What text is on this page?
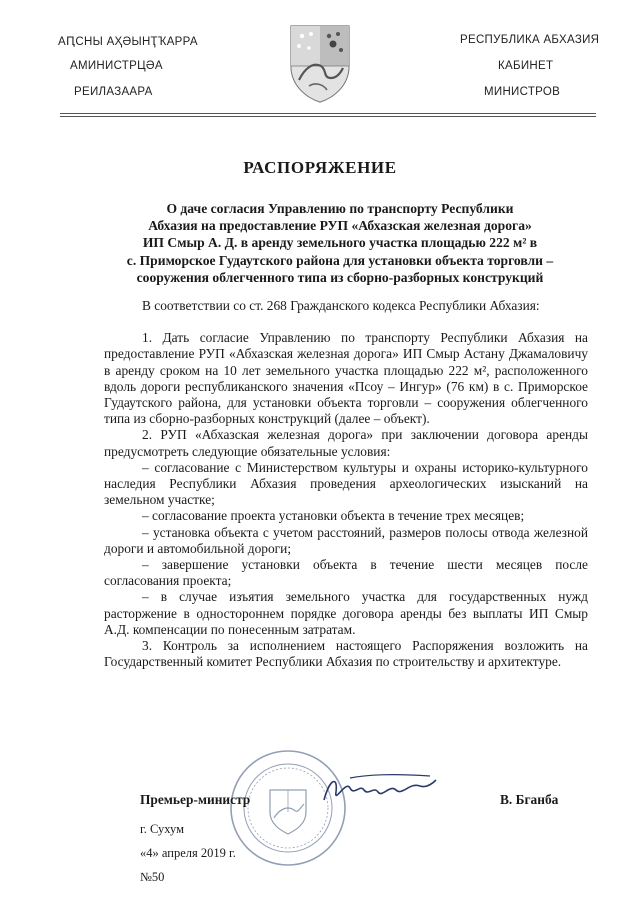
АԤСНЫ АҲӘЫНҬҠАРРА
АМИНИСТРЦӘА
РЕИЛАЗААРА
РЕСПУБЛИКА АБХАЗИЯ
КАБИНЕТ
МИНИСТРОВ
РАСПОРЯЖЕНИЕ
О даче согласия Управлению по транспорту Республики
Абхазия на предоставление РУП «Абхазская железная дорога»
ИП Смыр А. Д. в аренду земельного участка площадью 222 м² в
с. Приморское Гудаутского района для установки объекта торговли –
сооружения облегченного типа из сборно-разборных конструкций

В соответствии со ст. 268 Гражданского кодекса Республики Абхазия:

1. Дать согласие Управлению по транспорту Республики Абхазия на предоставление РУП «Абхазская железная дорога» ИП Смыр Астану Джамаловичу в аренду сроком на 10 лет земельного участка площадью 222 м², расположенного вдоль дороги республиканского значения «Псоу – Ингур» (76 км) в с. Приморское Гудаутского района, для установки объекта торговли – сооружения облегченного типа из сборно-разборных конструкций (далее – объект).

2. РУП «Абхазская железная дорога» при заключении договора аренды предусмотреть следующие обязательные условия:

– согласование с Министерством культуры и охраны историко-культурного наследия Республики Абхазия проведения археологических изысканий на земельном участке;

– согласование проекта установки объекта в течение трех месяцев;

– установка объекта с учетом расстояний, размеров полосы отвода железной дороги и автомобильной дороги;

– завершение установки объекта в течение шести месяцев после согласования проекта;

– в случае изъятия земельного участка для государственных нужд расторжение в одностороннем порядке договора аренды без выплаты ИП Смыр А.Д. компенсации по понесенным затратам.

3. Контроль за исполнением настоящего Распоряжения возложить на Государственный комитет Республики Абхазия по строительству и архитектуре.

Премьер-министр	В. Бганба
г. Сухум
«4» апреля 2019 г.
№50
